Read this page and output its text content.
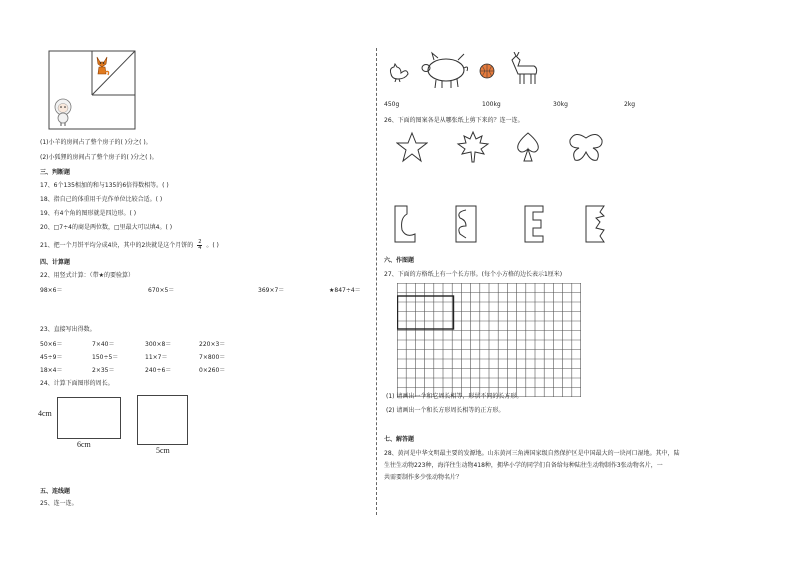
(1)小羊的房间占了整个房子的( )分之( )。
(2)小狐狸的房间占了整个房子的( )分之( )。
三、判断题
17、6个135相加的和与135的6倍得数相等。( )
18、指自己的体重用千克作单位比较合适。( )
19、有4个角的图形就是四边形。( )
20、□7÷4的商是两位数，□里最大可以填4。( )
21、把一个月饼平均分成4块，其中的2块就是这个月饼的 $\frac{2}{4}$ 。( )
四、计算题
22、用竖式计算：（带★的要验算）
98×6＝	670×5＝	369×7＝	★847÷4＝
23、直接写出得数。
50×6＝	7×40＝	300×8＝	220×3＝
45÷9＝	150÷5＝	11×7＝	7×800＝
18×4＝	2×35＝	240÷6＝	0×260＝
24、计算下面图形的周长。
4cm
6cm
5cm
五、连线题
25、连一连。
450g	100kg	30kg	2kg
26、下面的图案各是从哪张纸上剪下来的？连一连。
六、作图题
27、下面的方格纸上有一个长方形。(每个小方格的边长表示1厘米)
(1) 请画出一个和它周长相等，形状不同的长方形。
(2) 请画出一个和长方形周长相等的正方形。
七、解答题
28、黄河是中华文明最主要的发源地。山东黄河三角洲国家级自然保护区是中国最大的一块河口湿地。其中，陆
生往生动物223种，海洋往生动物418种，拥华小学的同学们自备给每种陆往生动物制作3张动物名片，一
共需要制作多少张动物名片？
